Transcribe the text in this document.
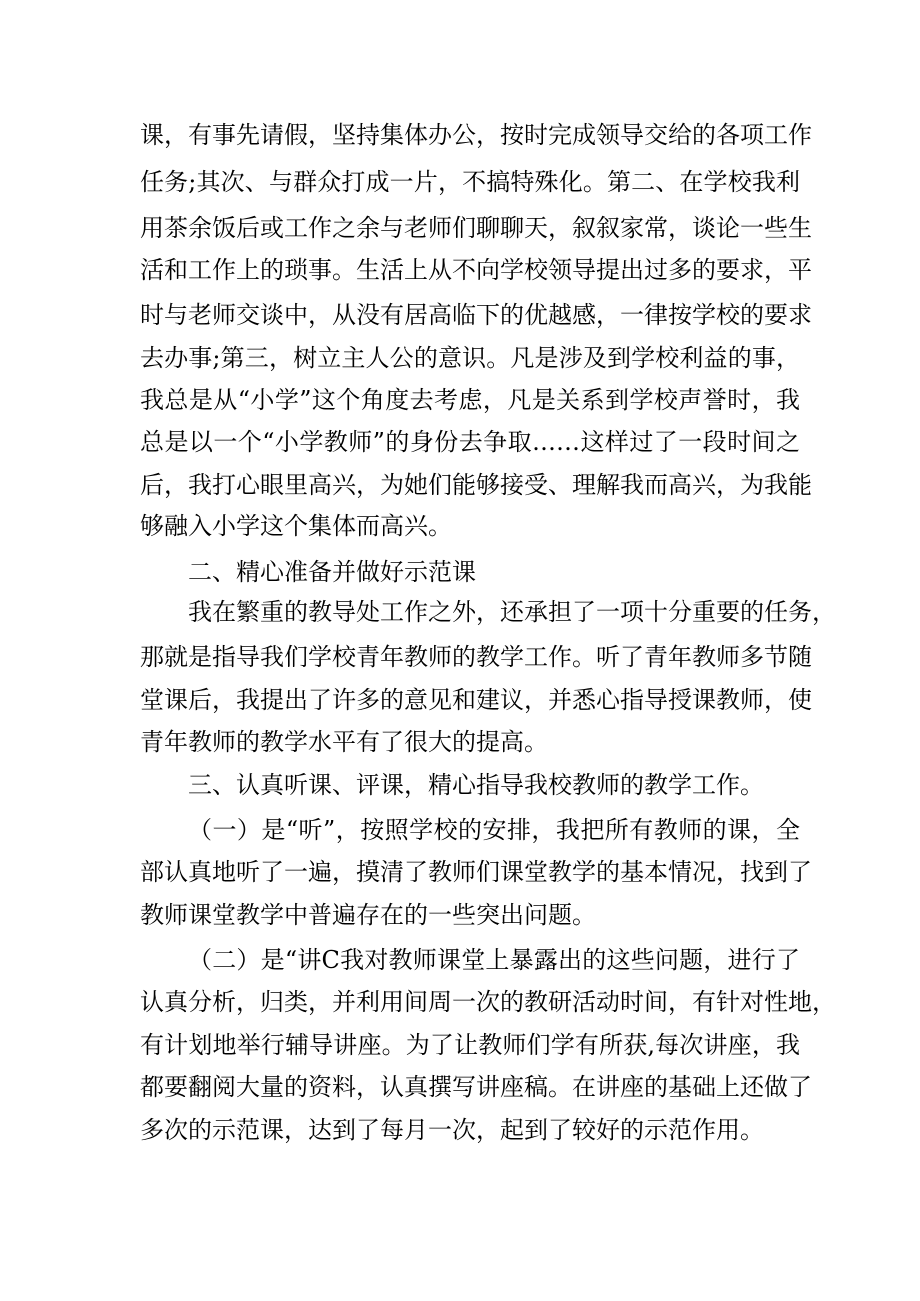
课，有事先请假，坚持集体办公，按时完成领导交给的各项工作
任务;其次、与群众打成一片，不搞特殊化。第二、在学校我利
用茶余饭后或工作之余与老师们聊聊天，叙叙家常，谈论一些生
活和工作上的琐事。生活上从不向学校领导提出过多的要求，平
时与老师交谈中，从没有居高临下的优越感，一律按学校的要求
去办事;第三，树立主人公的意识。凡是涉及到学校利益的事，
我总是从“小学”这个角度去考虑，凡是关系到学校声誉时，我
总是以一个“小学教师”的身份去争取……这样过了一段时间之
后，我打心眼里高兴，为她们能够接受、理解我而高兴，为我能
够融入小学这个集体而高兴。
二、精心准备并做好示范课
我在繁重的教导处工作之外，还承担了一项十分重要的任务，
那就是指导我们学校青年教师的教学工作。听了青年教师多节随
堂课后，我提出了许多的意见和建议，并悉心指导授课教师，使
青年教师的教学水平有了很大的提高。
三、认真听课、评课，精心指导我校教师的教学工作。
（一）是“听”，按照学校的安排，我把所有教师的课，全
部认真地听了一遍，摸清了教师们课堂教学的基本情况，找到了
教师课堂教学中普遍存在的一些突出问题。
（二）是“讲C我对教师课堂上暴露出的这些问题，进行了
认真分析，归类，并利用间周一次的教研活动时间，有针对性地，
有计划地举行辅导讲座。为了让教师们学有所获,每次讲座，我
都要翻阅大量的资料，认真撰写讲座稿。在讲座的基础上还做了
多次的示范课，达到了每月一次，起到了较好的示范作用。
